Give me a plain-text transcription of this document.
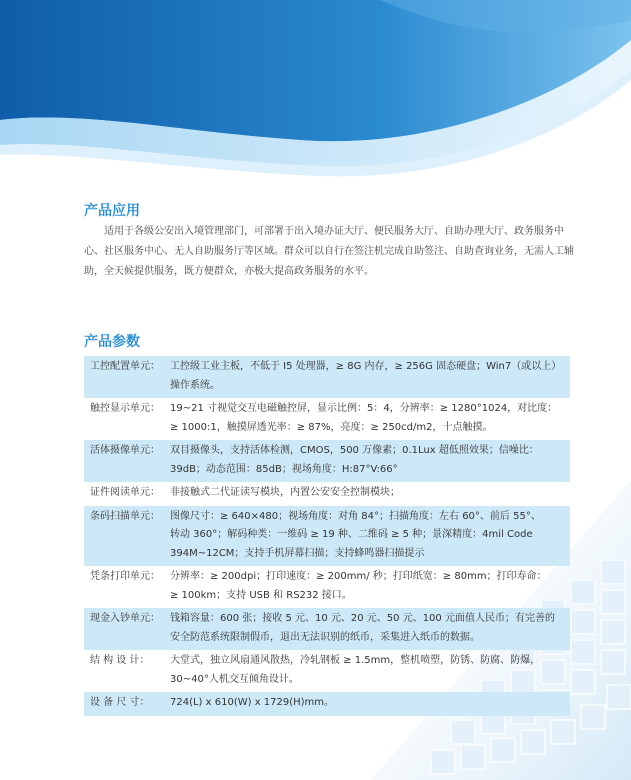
产品应用

适用于各级公安出入境管理部门，可部署于出入境办证大厅、便民服务大厅、自助办理大厅、政务服务中心、社区服务中心、无人自助服务厅等区域。群众可以自行在签注机完成自助签注、自助查询业务，无需人工辅助，全天候提供服务，既方便群众，亦极大提高政务服务的水平。

产品参数
工控配置单元：	工控级工业主板，不低于 I5 处理器，≥ 8G 内存，≥ 256G 固态硬盘；Win7（或以上）
操作系统。
触控显示单元：	19~21 寸视觉交互电磁触控屏，显示比例：5：4，分辨率：≥ 1280°1024，对比度：
≥ 1000:1，触摸屏透光率：≥ 87%，亮度：≥ 250cd/m2，十点触摸。
活体摄像单元：	双目摄像头，支持活体检测，CMOS，500 万像素；0.1Lux 超低照效果；信噪比：
39dB；动态范围：85dB；视场角度：H:87°V:66°
证件阅读单元：	非接触式二代证读写模块，内置公安安全控制模块；
条码扫描单元：	图像尺寸：≥ 640×480；视场角度：对角 84°；扫描角度：左右 60°、前后 55°、
转动 360°；解码种类：一维码 ≥ 19 种、二维码 ≥ 5 种；景深精度：4mil Code
394M~12CM；支持手机屏幕扫描；支持蜂鸣器扫描提示
凭条打印单元：	分辨率：≥ 200dpi；打印速度：≥ 200mm/ 秒；打印纸宽：≥ 80mm；打印寿命：
≥ 100km；支持 USB 和 RS232 接口。
现金入钞单元：	钱箱容量：600 张；接收 5 元、10 元、20 元、50 元、100 元面值人民币；有完善的
安全防范系统限制假币，退出无法识别的纸币，采集进入纸币的数据。
结 构 设 计：	大堂式，独立风扇通风散热，冷轧钢板 ≥ 1.5mm，整机喷塑，防锈、防腐、防爆，
30~40°人机交互倾角设计。
设 备 尺 寸：	724(L) x 610(W) x 1729(H)mm。
